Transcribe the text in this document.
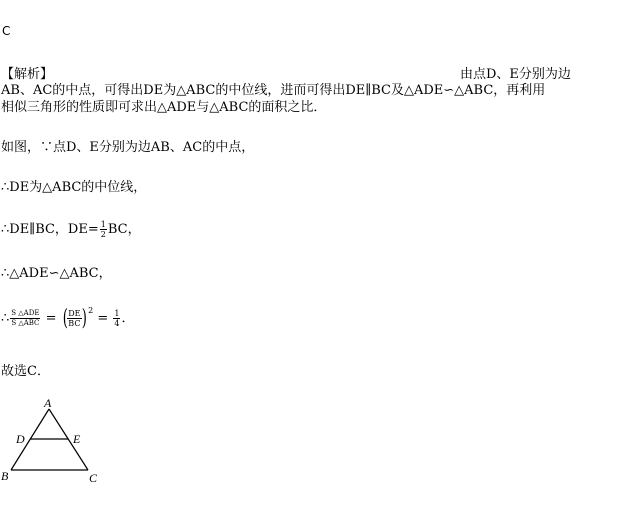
C
【解析】	由点D、E分别为边
AB、AC的中点，可得出DE为△ABC的中位线，进而可得出DE∥BC及△ADE∽△ABC，再利用
相似三角形的性质即可求出△ADE与△ABC的面积之比．
如图，∵点D、E分别为边AB、AC的中点，
∴DE为△ABC的中位线，
∴DE∥BC，$DE= \frac{1}{2}$ BC，
∴△ADE∽△ABC，
∴ $\frac{\text{S △ADE}}{\text{S △ABC}}$ = ( $\frac{DE}{BC}$ ) $^2 = \frac{1}{4}$ ．
故选C．
A
D	E
B	C
